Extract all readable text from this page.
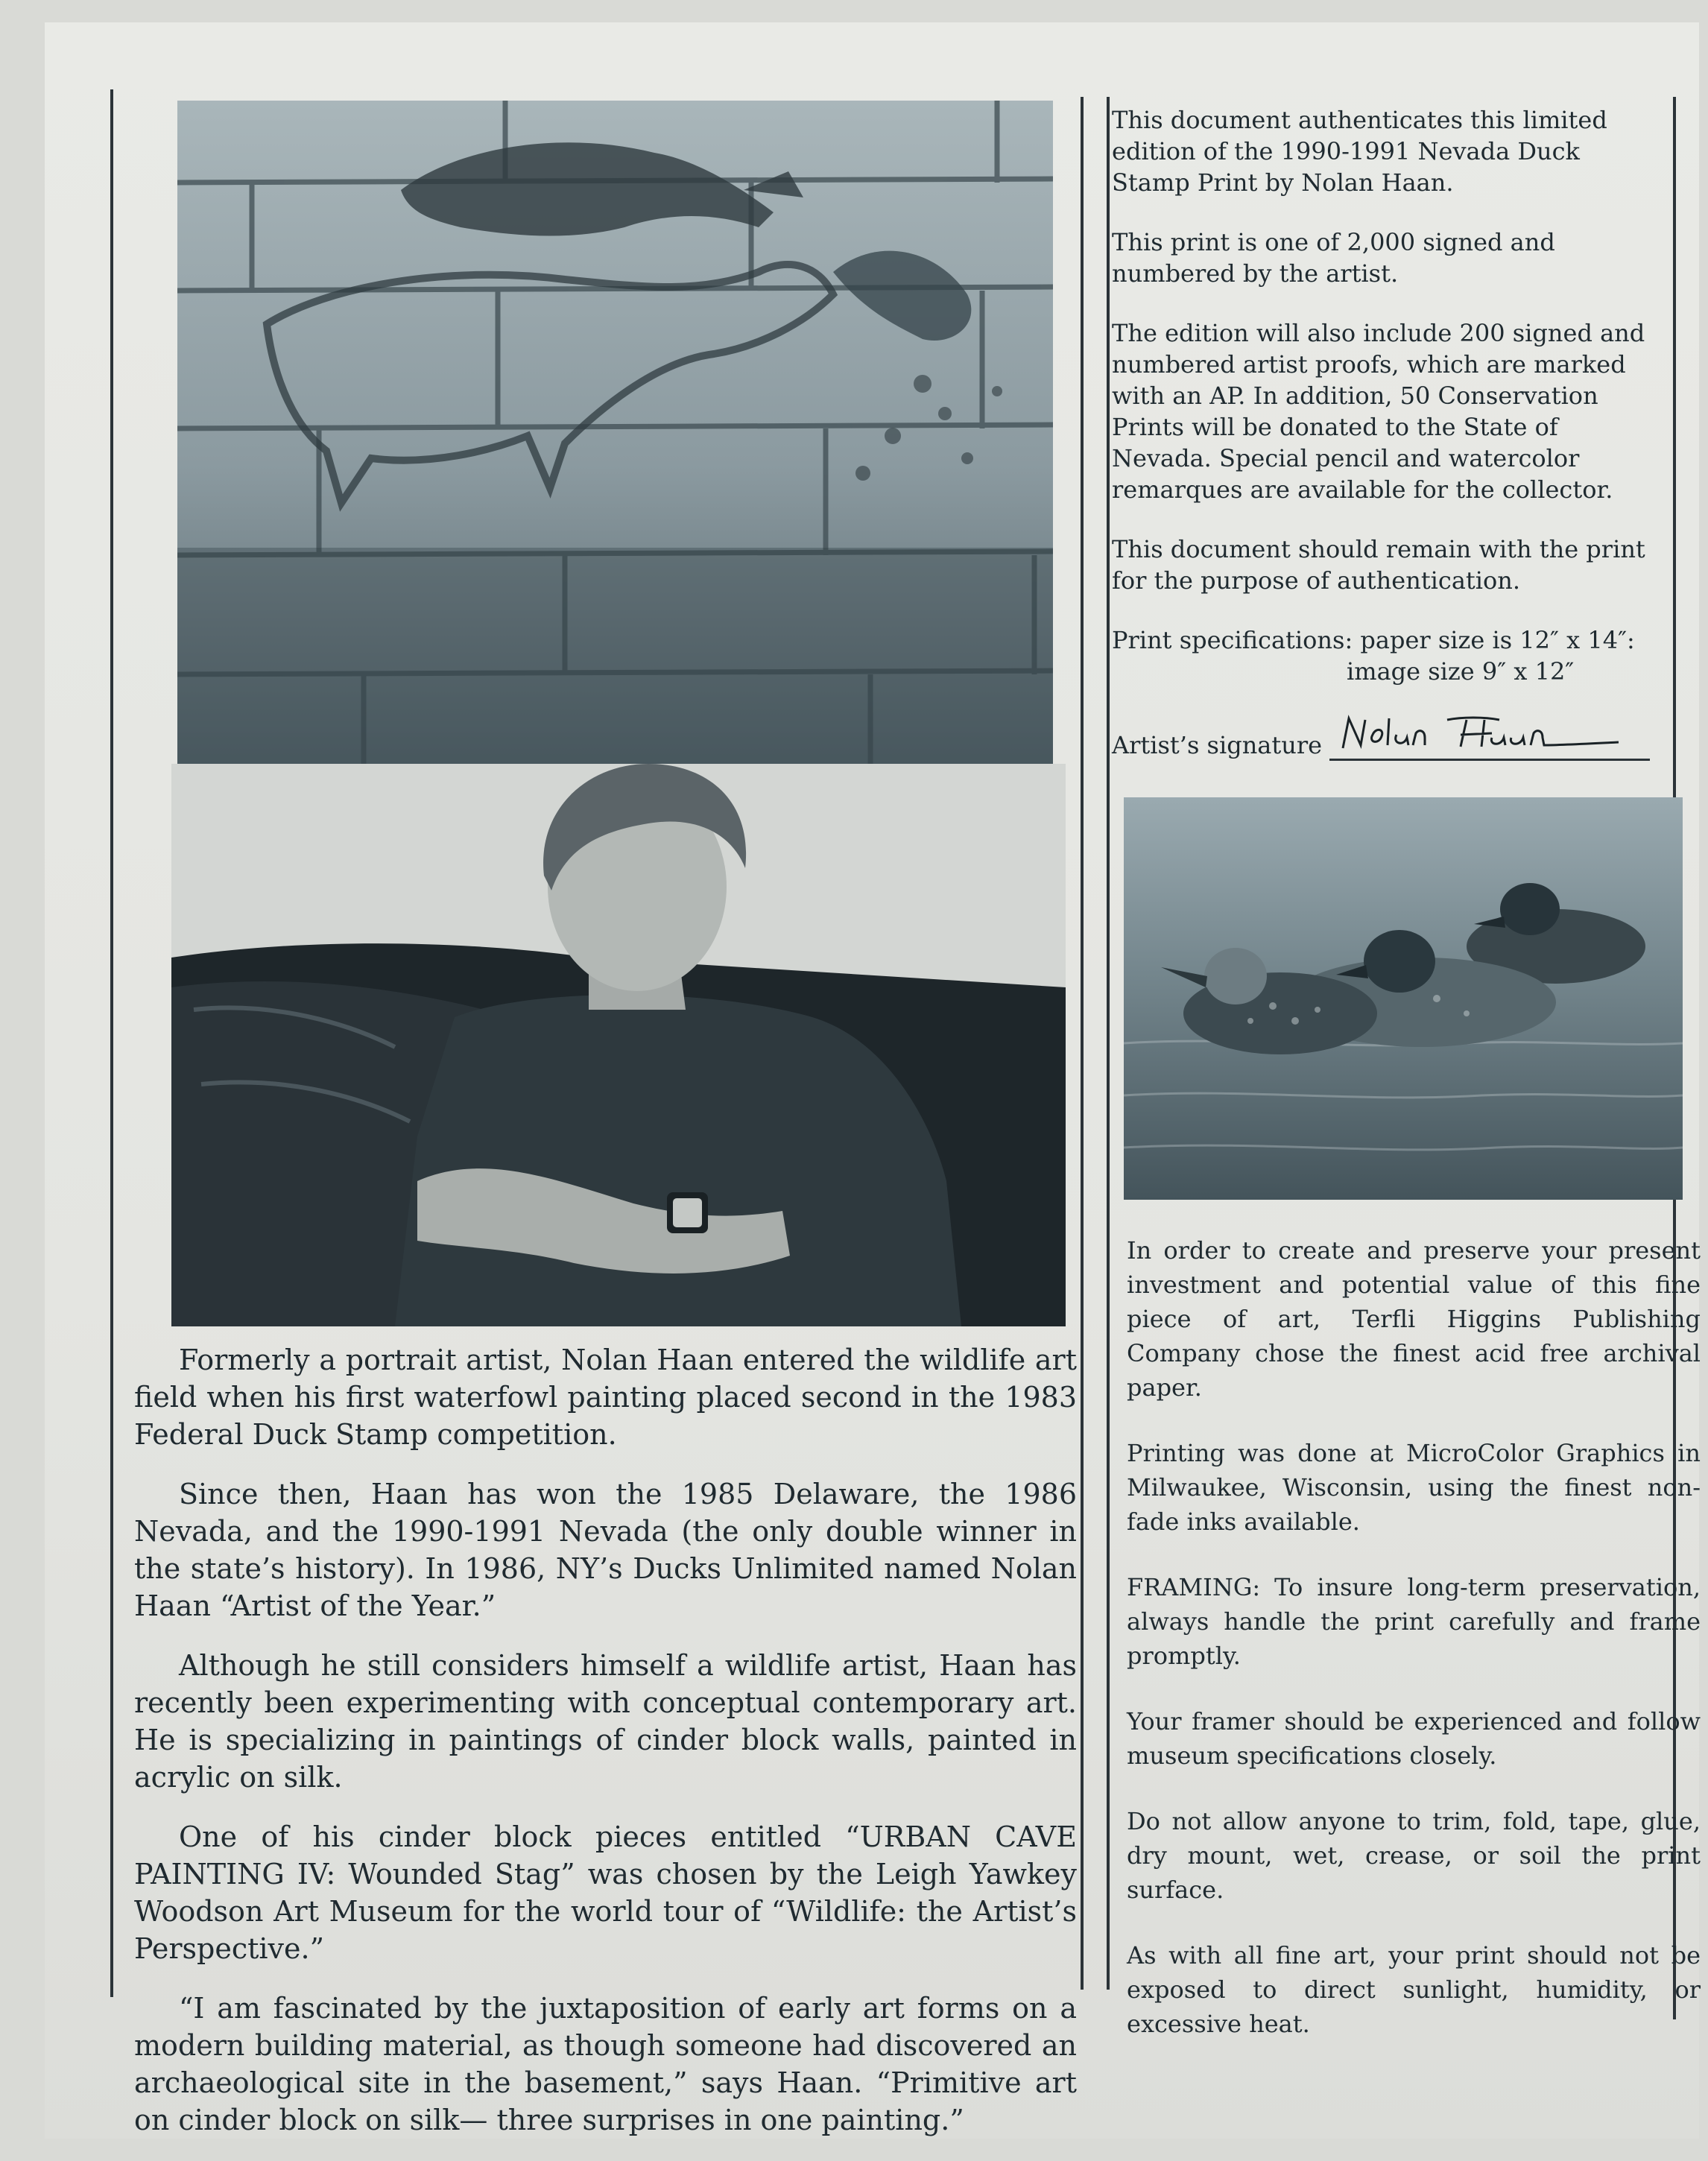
Formerly a portrait artist, Nolan Haan entered the wildlife art field when his first waterfowl painting placed second in the 1983 Federal Duck Stamp competition.

Since then, Haan has won the 1985 Delaware, the 1986 Nevada, and the 1990-1991 Nevada (the only double winner in the state’s history). In 1986, NY’s Ducks Unlimited named Nolan Haan “Artist of the Year.”

Although he still considers himself a wildlife artist, Haan has recently been experimenting with conceptual contemporary art. He is specializing in paintings of cinder block walls, painted in acrylic on silk.

One of his cinder block pieces entitled “URBAN CAVE PAINTING IV: Wounded Stag” was chosen by the Leigh Yawkey Woodson Art Museum for the world tour of “Wildlife: the Artist’s Perspective.”

“I am fascinated by the juxtaposition of early art forms on a modern building material, as though someone had discovered an archaeological site in the basement,” says Haan. “Primitive art on cinder block on silk— three surprises in one painting.”

This document authenticates this limited edition of the 1990-1991 Nevada Duck Stamp Print by Nolan Haan.

This print is one of 2,000 signed and numbered by the artist.

The edition will also include 200 signed and numbered artist proofs, which are marked with an AP. In addition, 50 Conservation Prints will be donated to the State of Nevada. Special pencil and watercolor remarques are available for the collector.

This document should remain with the print for the purpose of authentication.

Print specifications: paper size is 12″ x 14″:
image size 9″ x 12″
Artist’s signature

In order to create and preserve your present investment and potential value of this fine piece of art, Terfli Higgins Publishing Company chose the finest acid free archival paper.

Printing was done at MicroColor Graphics in Milwaukee, Wisconsin, using the finest non-fade inks available.

FRAMING: To insure long-term preservation, always handle the print carefully and frame promptly.

Your framer should be experienced and follow museum specifications closely.

Do not allow anyone to trim, fold, tape, glue, dry mount, wet, crease, or soil the print surface.

As with all fine art, your print should not be exposed to direct sunlight, humidity, or excessive heat.
